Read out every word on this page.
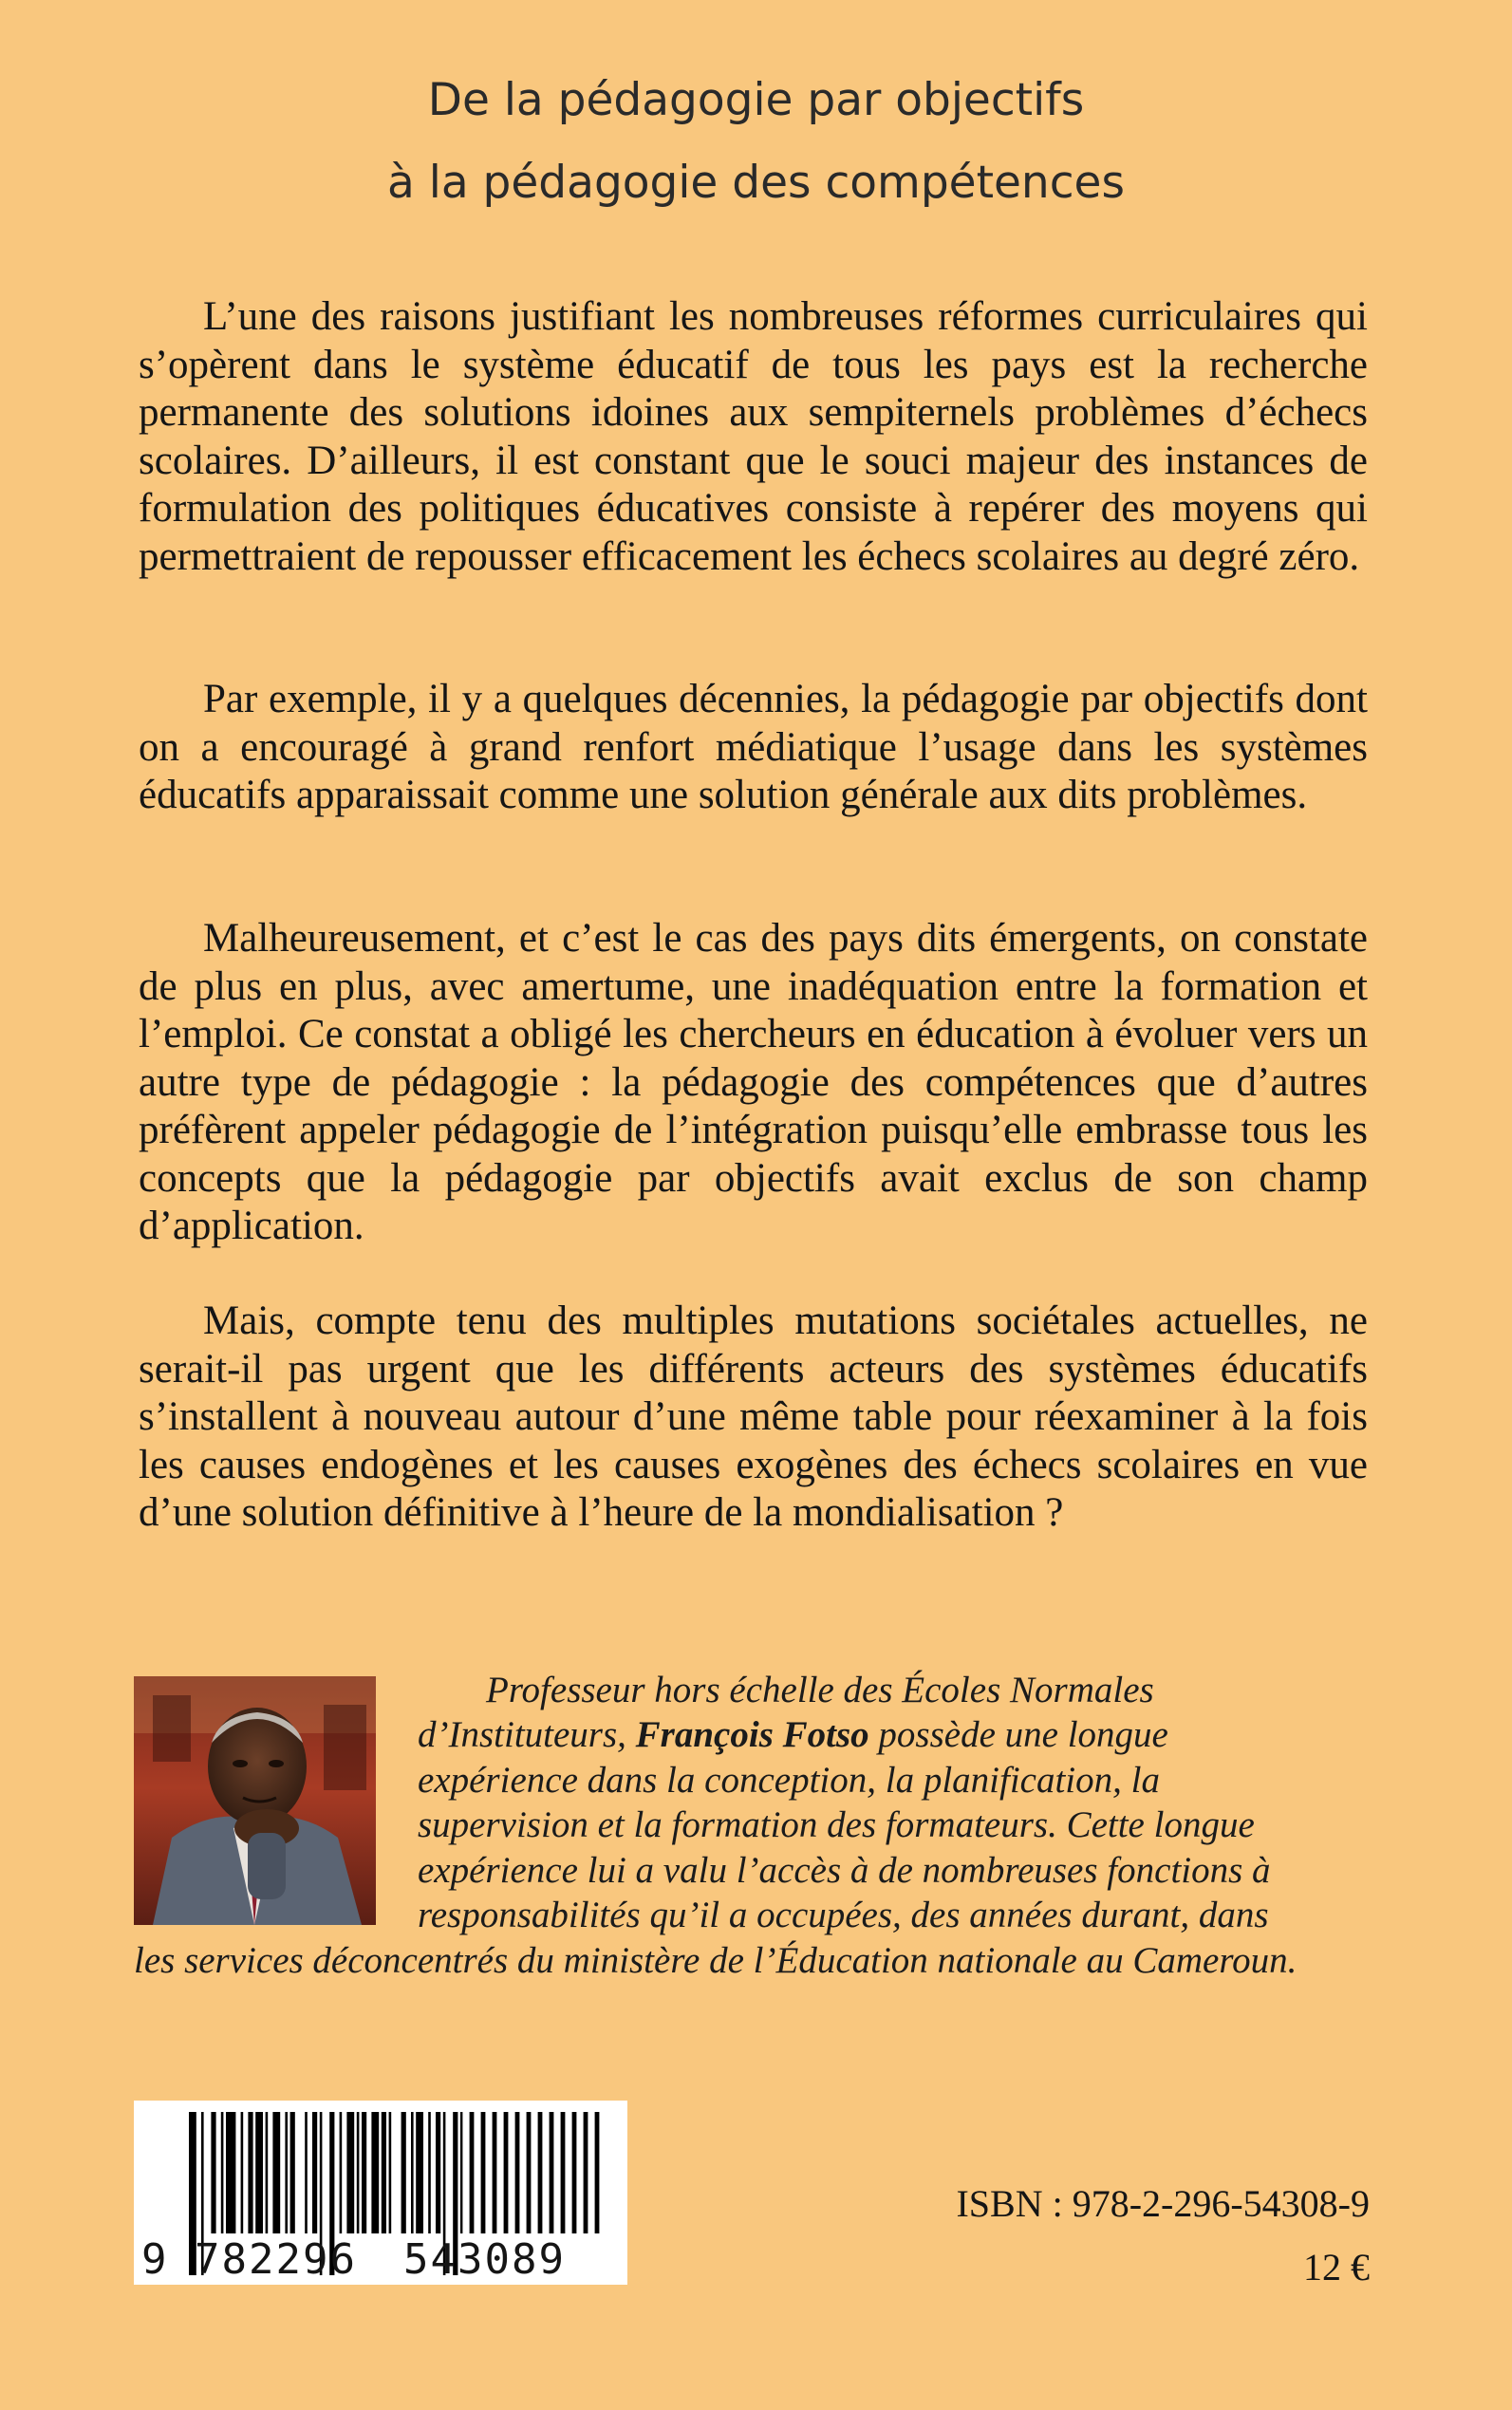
De la pédagogie par objectifs
à la pédagogie des compétences

L’une des raisons justifiant les nombreuses réformes curriculaires qui s’opèrent dans le système éducatif de tous les pays est la recherche permanente des solutions idoines aux sempiternels problèmes d’échecs scolaires. D’ailleurs, il est constant que le souci majeur des instances de formulation des politiques éducatives consiste à repérer des moyens qui permettraient de repousser efficacement les échecs scolaires au degré zéro.

Par exemple, il y a quelques décennies, la pédagogie par objectifs dont on a encouragé à grand renfort médiatique l’usage dans les systèmes éducatifs apparaissait comme une solution générale aux dits problèmes.

Malheureusement, et c’est le cas des pays dits émergents, on constate de plus en plus, avec amertume, une inadéquation entre la formation et l’emploi. Ce constat a obligé les chercheurs en éducation à évoluer vers un autre type de pédagogie : la pédagogie des compétences que d’autres préfèrent appeler pédagogie de l’intégration puisqu’elle embrasse tous les concepts que la pédagogie par objectifs avait exclus de son champ d’application.

Mais, compte tenu des multiples mutations sociétales actuelles, ne serait-il pas urgent que les différents acteurs des systèmes éducatifs s’installent à nouveau autour d’une même table pour réexaminer à la fois les causes endogènes et les causes exogènes des échecs scolaires en vue d’une solution définitive à l’heure de la mondialisation ?

Professeur hors échelle des Écoles Normales
d’Instituteurs, François Fotso possède une longue
expérience dans la conception, la planification, la
supervision et la formation des formateurs. Cette longue
expérience lui a valu l’accès à de nombreuses fonctions à
responsabilités qu’il a occupées, des années durant, dans
les services déconcentrés du ministère de l’Éducation nationale au Cameroun.
9 782296 543089
ISBN : 978-2-296-54308-9
12 €
